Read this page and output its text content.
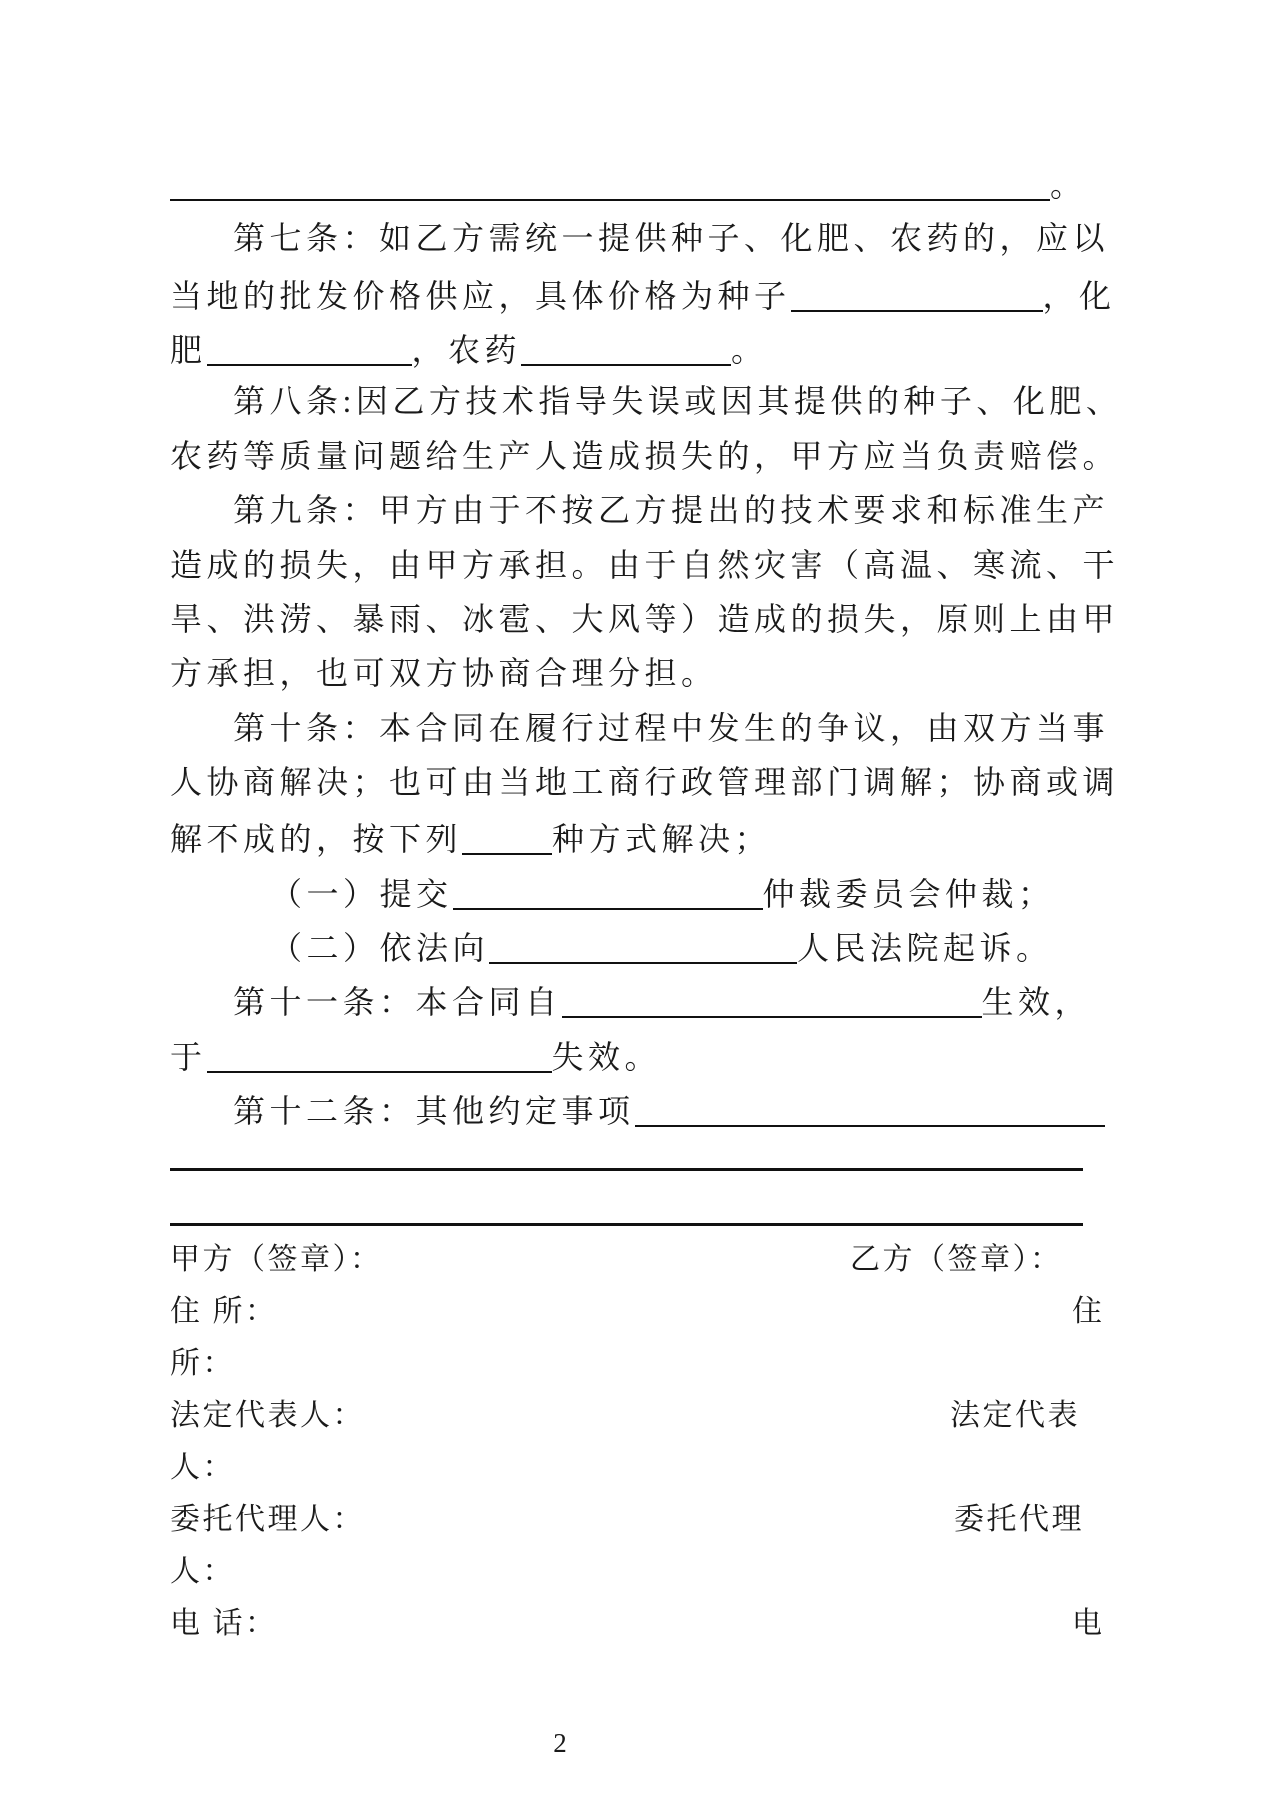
。
第七条：如乙方需统一提供种子、化肥、农药的，应以
当地的批发价格供应，具体价格为种子	，化
肥	，农药	。
第八条:因乙方技术指导失误或因其提供的种子、化肥、
农药等质量问题给生产人造成损失的，甲方应当负责赔偿。
第九条：甲方由于不按乙方提出的技术要求和标准生产
造成的损失，由甲方承担。由于自然灾害（高温、寒流、干
旱、洪涝、暴雨、冰雹、大风等）造成的损失，原则上由甲
方承担，也可双方协商合理分担。
第十条：本合同在履行过程中发生的争议，由双方当事
人协商解决；也可由当地工商行政管理部门调解；协商或调
解不成的，按下列	种方式解决；
（一）提交	仲裁委员会仲裁；
（二）依法向	人民法院起诉。
第十一条：本合同自	生效，
于	失效。
第十二条：其他约定事项
甲方（签章）：	乙方（签章）：
住 所：	住
所：
法定代表人：	法定代表
人：
委托代理人：	委托代理
人：
电 话：	电
2
